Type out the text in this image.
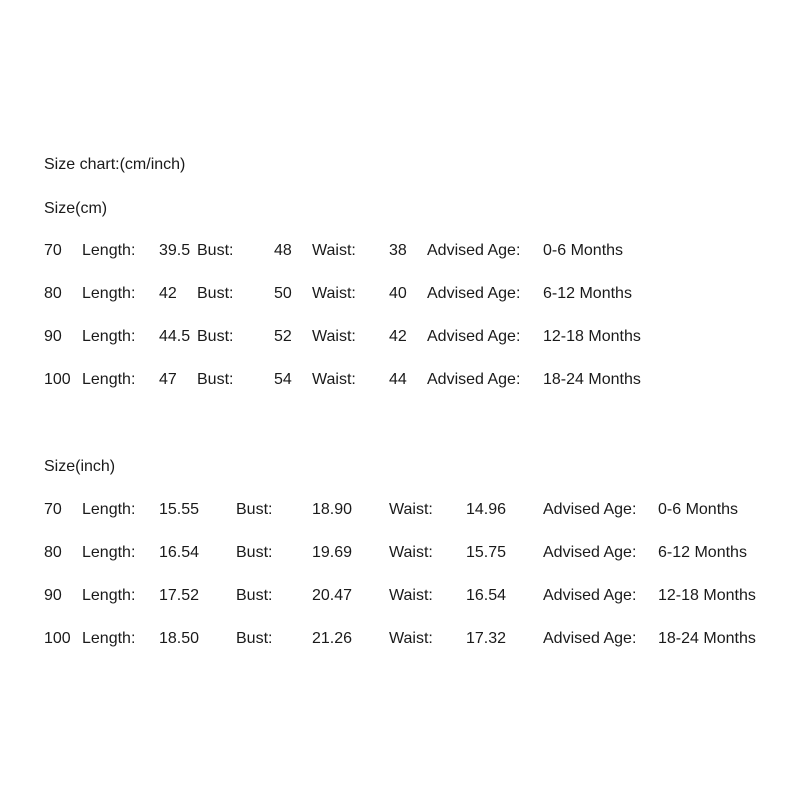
Size chart:(cm/inch)
Size(cm)
70 Length: 39.5 Bust:	48 Waist: 38 Advised Age: 0-6 Months
80 Length: 42 Bust:	50 Waist: 40 Advised Age: 6-12 Months
90 Length: 44.5 Bust:	52 Waist: 42 Advised Age: 12-18 Months
100 Length: 47 Bust:	54 Waist: 44 Advised Age: 18-24 Months
Size(inch)
70 Length: 15.55 Bust: 18.90 Waist: 14.96 Advised Age: 0-6 Months
80 Length: 16.54 Bust: 19.69 Waist: 15.75 Advised Age: 6-12 Months
90 Length: 17.52 Bust: 20.47 Waist: 16.54 Advised Age: 12-18 Months
100 Length: 18.50 Bust: 21.26 Waist: 17.32 Advised Age: 18-24 Months
